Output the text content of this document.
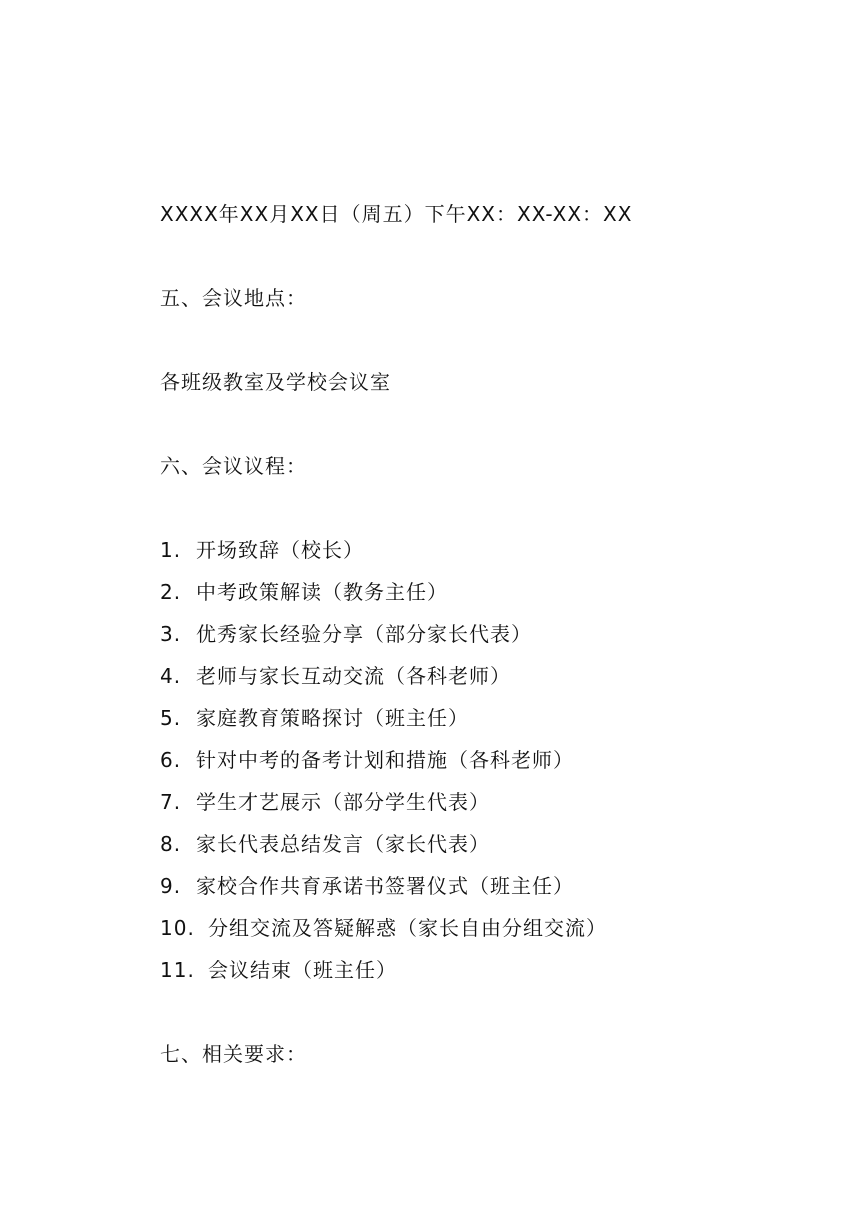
XXXX年XX月XX日（周五）下午XX：XX-XX：XX
五、会议地点：
各班级教室及学校会议室
六、会议议程：
1. 开场致辞（校长）
2. 中考政策解读（教务主任）
3. 优秀家长经验分享（部分家长代表）
4. 老师与家长互动交流（各科老师）
5. 家庭教育策略探讨（班主任）
6. 针对中考的备考计划和措施（各科老师）
7. 学生才艺展示（部分学生代表）
8. 家长代表总结发言（家长代表）
9. 家校合作共育承诺书签署仪式（班主任）
10. 分组交流及答疑解惑（家长自由分组交流）
11. 会议结束（班主任）
七、相关要求：
